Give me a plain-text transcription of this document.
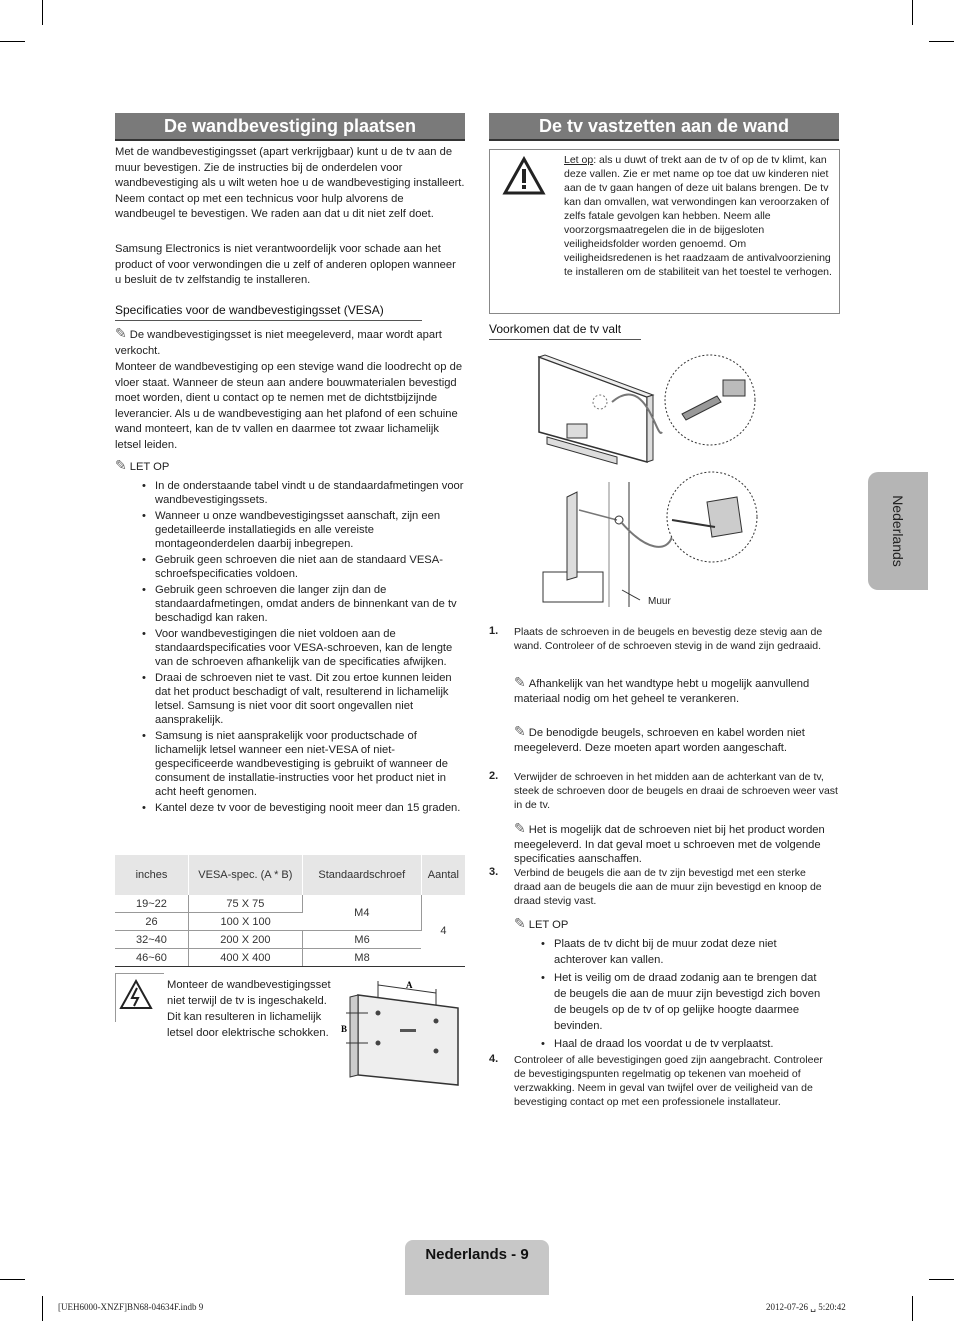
De wandbevestiging plaatsen
Met de wandbevestigingsset (apart verkrijgbaar) kunt u de tv aan de muur bevestigen. Zie de instructies bij de onderdelen voor wandbevestiging als u wilt weten hoe u de wandbevestiging installeert. Neem contact op met een technicus voor hulp alvorens de wandbeugel te bevestigen. We raden aan dat u dit niet zelf doet.
Samsung Electronics is niet verantwoordelijk voor schade aan het product of voor verwondingen die u zelf of anderen oplopen wanneer u besluit de tv zelfstandig te installeren.
Specificaties voor de wandbevestigingsset (VESA)
✎ De wandbevestigingsset is niet meegeleverd, maar wordt apart verkocht.
Monteer de wandbevestiging op een stevige wand die loodrecht op de vloer staat. Wanneer de steun aan andere bouwmaterialen bevestigd moet worden, dient u contact op te nemen met de dichtstbijzijnde leverancier. Als u de wandbevestiging aan het plafond of een schuine wand monteert, kan de tv vallen en daarmee tot zwaar lichamelijk letsel leiden.
✎ LET OP
• In de onderstaande tabel vindt u de standaardafmetingen voor wandbevestigingssets.
• Wanneer u onze wandbevestigingsset aanschaft, zijn een gedetailleerde installatiegids en alle vereiste montageonderdelen daarbij inbegrepen.
• Gebruik geen schroeven die niet aan de standaard VESA-schroefspecificaties voldoen.
• Gebruik geen schroeven die langer zijn dan de standaardafmetingen, omdat anders de binnenkant van de tv beschadigd kan raken.
• Voor wandbevestigingen die niet voldoen aan de standaardspecificaties voor VESA-schroeven, kan de lengte van de schroeven afhankelijk van de specificaties afwijken.
• Draai de schroeven niet te vast. Dit zou ertoe kunnen leiden dat het product beschadigt of valt, resulterend in lichamelijk letsel. Samsung is niet voor dit soort ongevallen niet aansprakelijk.
• Samsung is niet aansprakelijk voor productschade of lichamelijk letsel wanneer een niet-VESA of niet-gespecificeerde wandbevestiging is gebruikt of wanneer de consument de installatie-instructies voor het product niet in acht heeft genomen.
• Kantel deze tv voor de bevestiging nooit meer dan 15 graden.
inches	VESA-spec. (A * B)	Standaardschroef	Aantal
19~22	75 X 75	M4	4
26	100 X 100		
32~40	200 X 200	M6	
46~60	400 X 400	M8	
Monteer de wandbevestigingsset niet terwijl de tv is ingeschakeld. Dit kan resulteren in lichamelijk letsel door elektrische schokken.
A
B
De tv vastzetten aan de wand
Let op: als u duwt of trekt aan de tv of op de tv klimt, kan deze vallen. Zie er met name op toe dat uw kinderen niet aan de tv gaan hangen of deze uit balans brengen. De tv kan dan omvallen, wat verwondingen kan veroorzaken of zelfs fatale gevolgen kan hebben. Neem alle voorzorgsmaatregelen die in de bijgesloten veiligheidsfolder worden genoemd. Om veiligheidsredenen is het raadzaam de antivalvoorziening te installeren om de stabiliteit van het toestel te verhogen.
Voorkomen dat de tv valt
Muur
1. Plaats de schroeven in de beugels en bevestig deze stevig aan de wand. Controleer of de schroeven stevig in de wand zijn gedraaid.
✎ Afhankelijk van het wandtype hebt u mogelijk aanvullend materiaal nodig om het geheel te verankeren.
✎ De benodigde beugels, schroeven en kabel worden niet meegeleverd. Deze moeten apart worden aangeschaft.
2. Verwijder de schroeven in het midden aan de achterkant van de tv, steek de schroeven door de beugels en draai de schroeven weer vast in de tv.
✎ Het is mogelijk dat de schroeven niet bij het product worden meegeleverd. In dat geval moet u schroeven met de volgende specificaties aanschaffen.
3. Verbind de beugels die aan de tv zijn bevestigd met een sterke draad aan de beugels die aan de muur zijn bevestigd en knoop de draad stevig vast.
✎ LET OP
• Plaats de tv dicht bij de muur zodat deze niet achterover kan vallen.
• Het is veilig om de draad zodanig aan te brengen dat de beugels die aan de muur zijn bevestigd zich boven de beugels op de tv of op gelijke hoogte daarmee bevinden.
• Haal de draad los voordat u de tv verplaatst.
4. Controleer of alle bevestigingen goed zijn aangebracht. Controleer de bevestigingspunten regelmatig op tekenen van moeheid of verzwakking. Neem in geval van twijfel over de veiligheid van de bevestiging contact op met een professionele installateur.
Nederlands
Nederlands - 9
[UEH6000-XNZF]BN68-04634F.indb 9	2012-07-26 ␣ 5:20:42
